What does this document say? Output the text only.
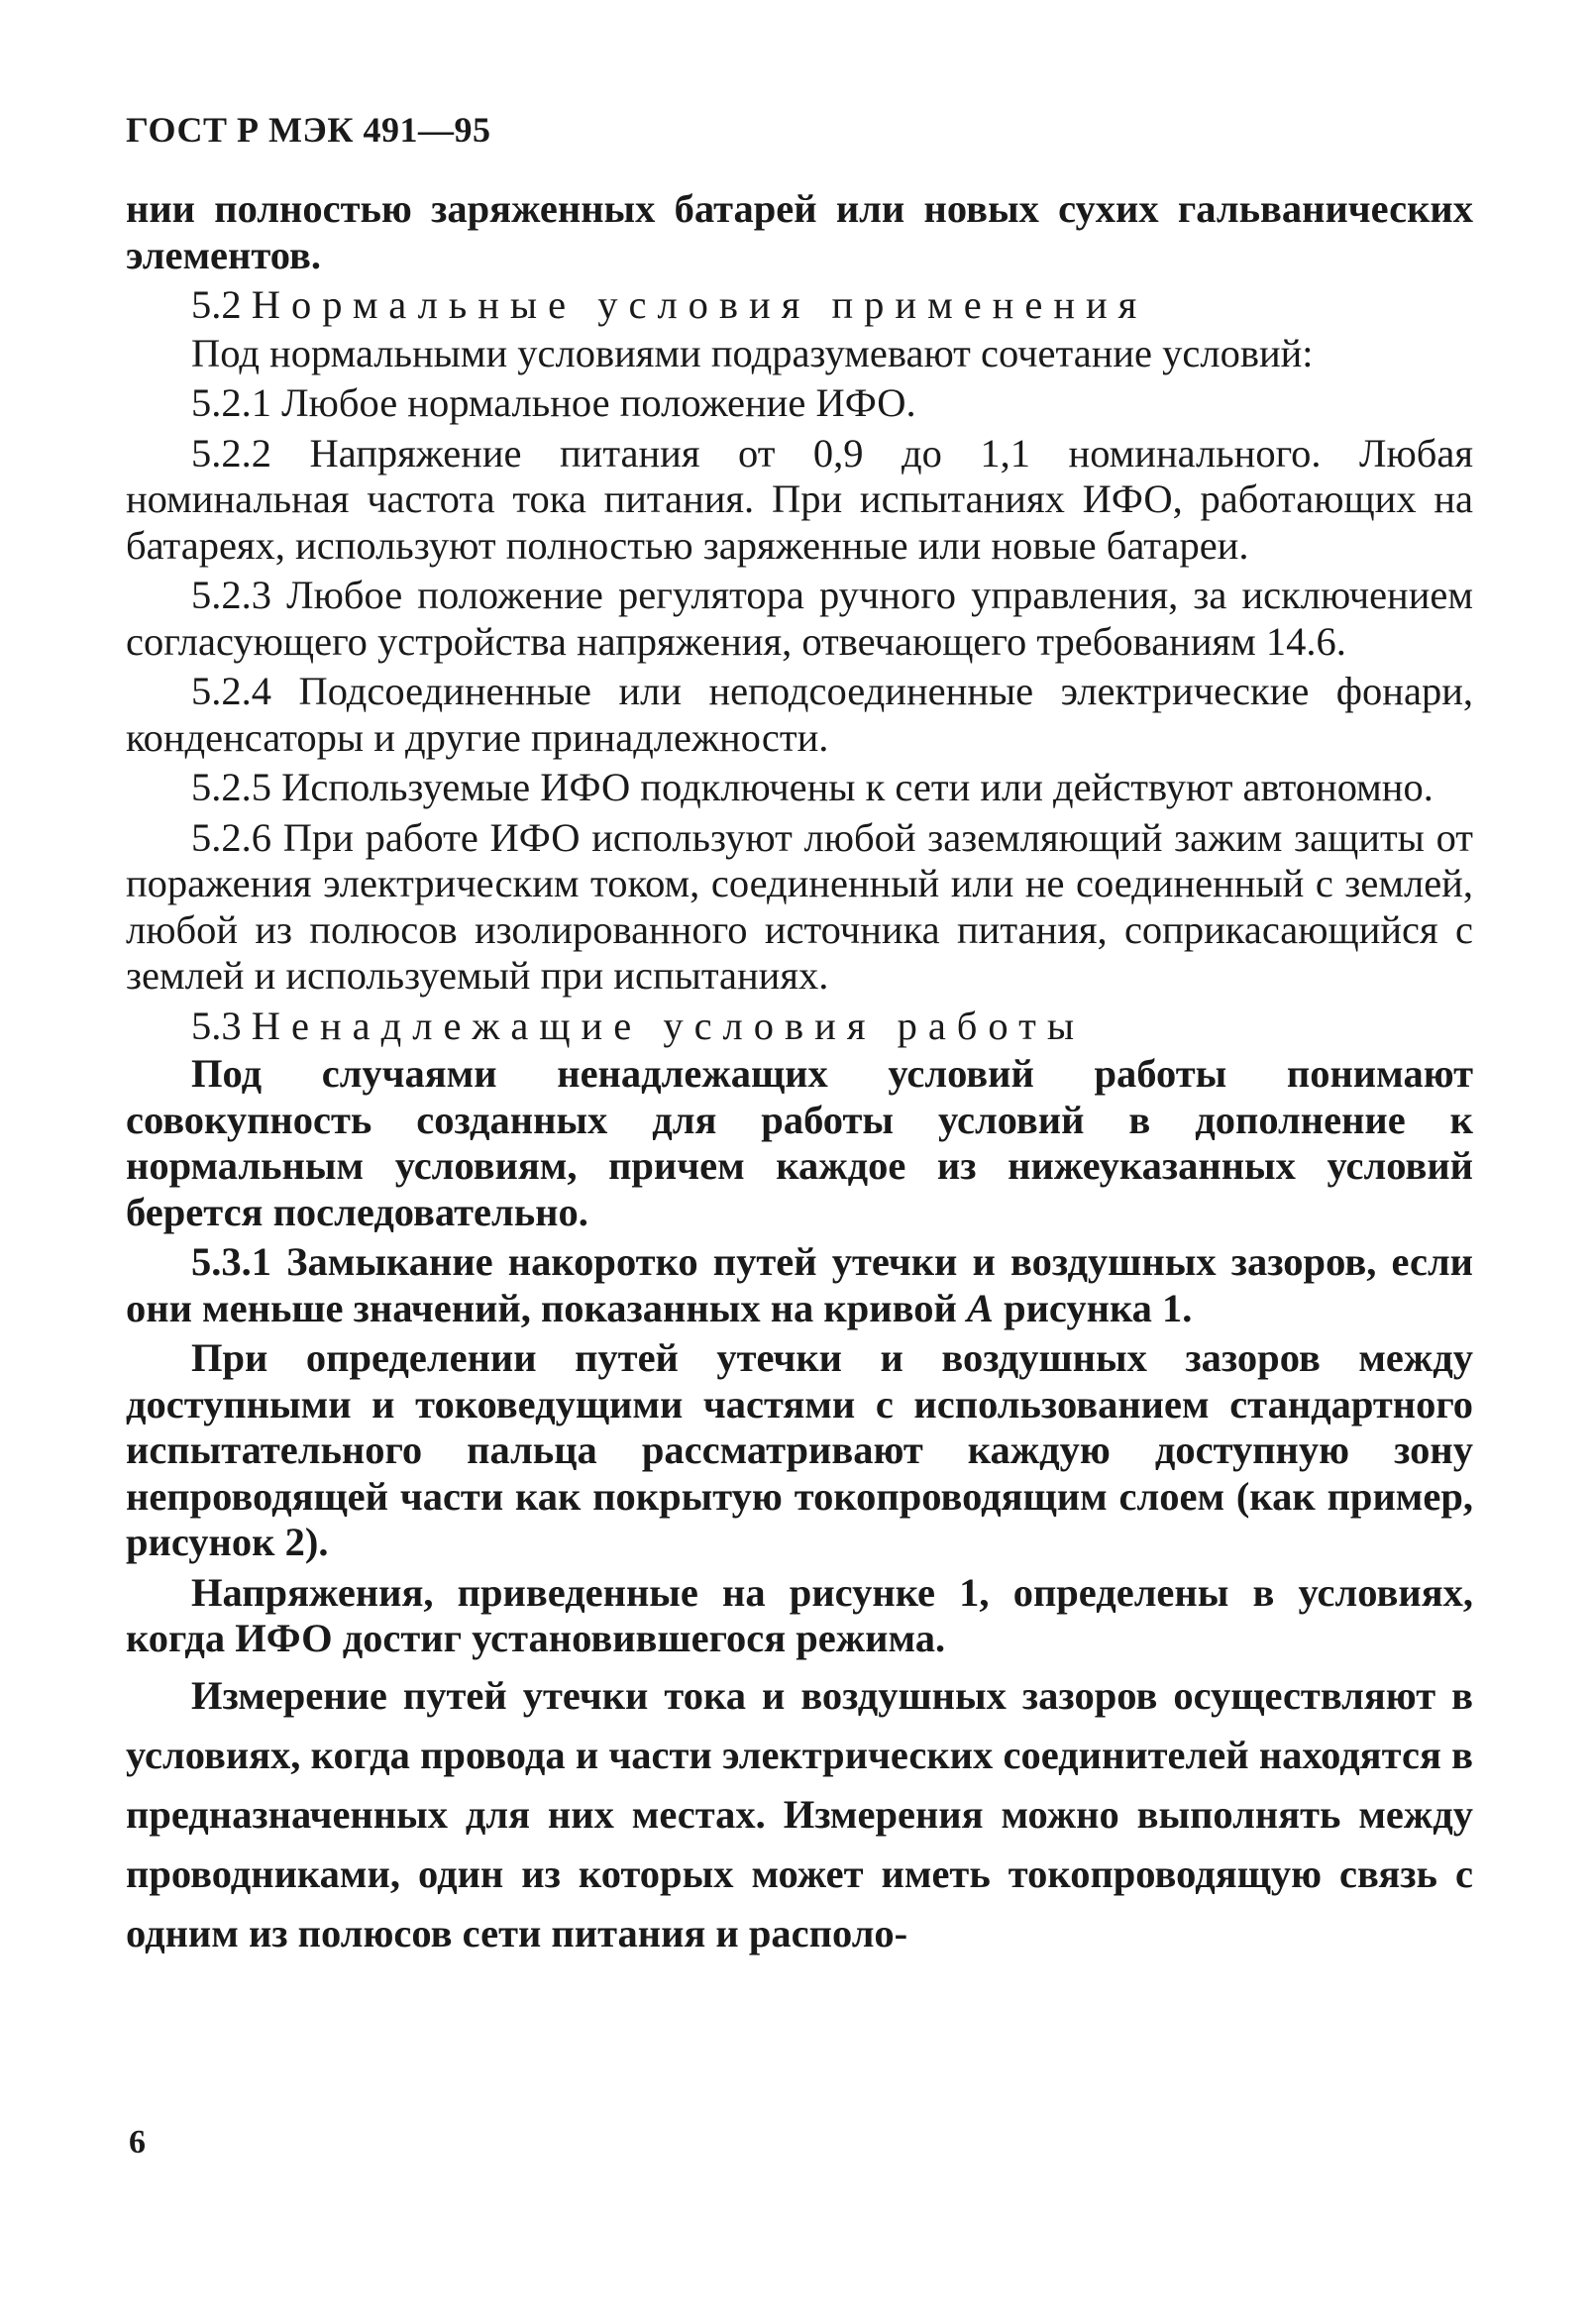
ГОСТ Р МЭК 491—95

нии полностью заряженных батарей или новых сухих гальванических элементов.

5.2 Нормальные условия применения

Под нормальными условиями подразумевают сочетание условий:

5.2.1 Любое нормальное положение ИФО.

5.2.2 Напряжение питания от 0,9 до 1,1 номинального. Любая номинальная частота тока питания. При испытаниях ИФО, работающих на батареях, используют полностью заряженные или новые батареи.

5.2.3 Любое положение регулятора ручного управления, за исключением согласующего устройства напряжения, отвечающего требованиям 14.6.

5.2.4 Подсоединенные или неподсоединенные электрические фонари, конденсаторы и другие принадлежности.

5.2.5 Используемые ИФО подключены к сети или действуют автономно.

5.2.6 При работе ИФО используют любой заземляющий зажим защиты от поражения электрическим током, соединенный или не соединенный с землей, любой из полюсов изолированного источника питания, соприкасающийся с землей и используемый при испытаниях.

5.3 Ненадлежащие условия работы

Под случаями ненадлежащих условий работы понимают совокупность созданных для работы условий в дополнение к нормальным условиям, причем каждое из нижеуказанных условий берется последовательно.

5.3.1 Замыкание накоротко путей утечки и воздушных зазоров, если они меньше значений, показанных на кривой А рисунка 1.

При определении путей утечки и воздушных зазоров между доступными и токоведущими частями с использованием стандартного испытательного пальца рассматривают каждую доступную зону непроводящей части как покрытую токопроводящим слоем (как пример, рисунок 2).

Напряжения, приведенные на рисунке 1, определены в условиях, когда ИФО достиг установившегося режима.

Измерение путей утечки тока и воздушных зазоров осуществляют в условиях, когда провода и части электрических соединителей находятся в предназначенных для них местах. Измерения можно выполнять между проводниками, один из которых может иметь токопроводящую связь с одним из полюсов сети питания и располо-

6
